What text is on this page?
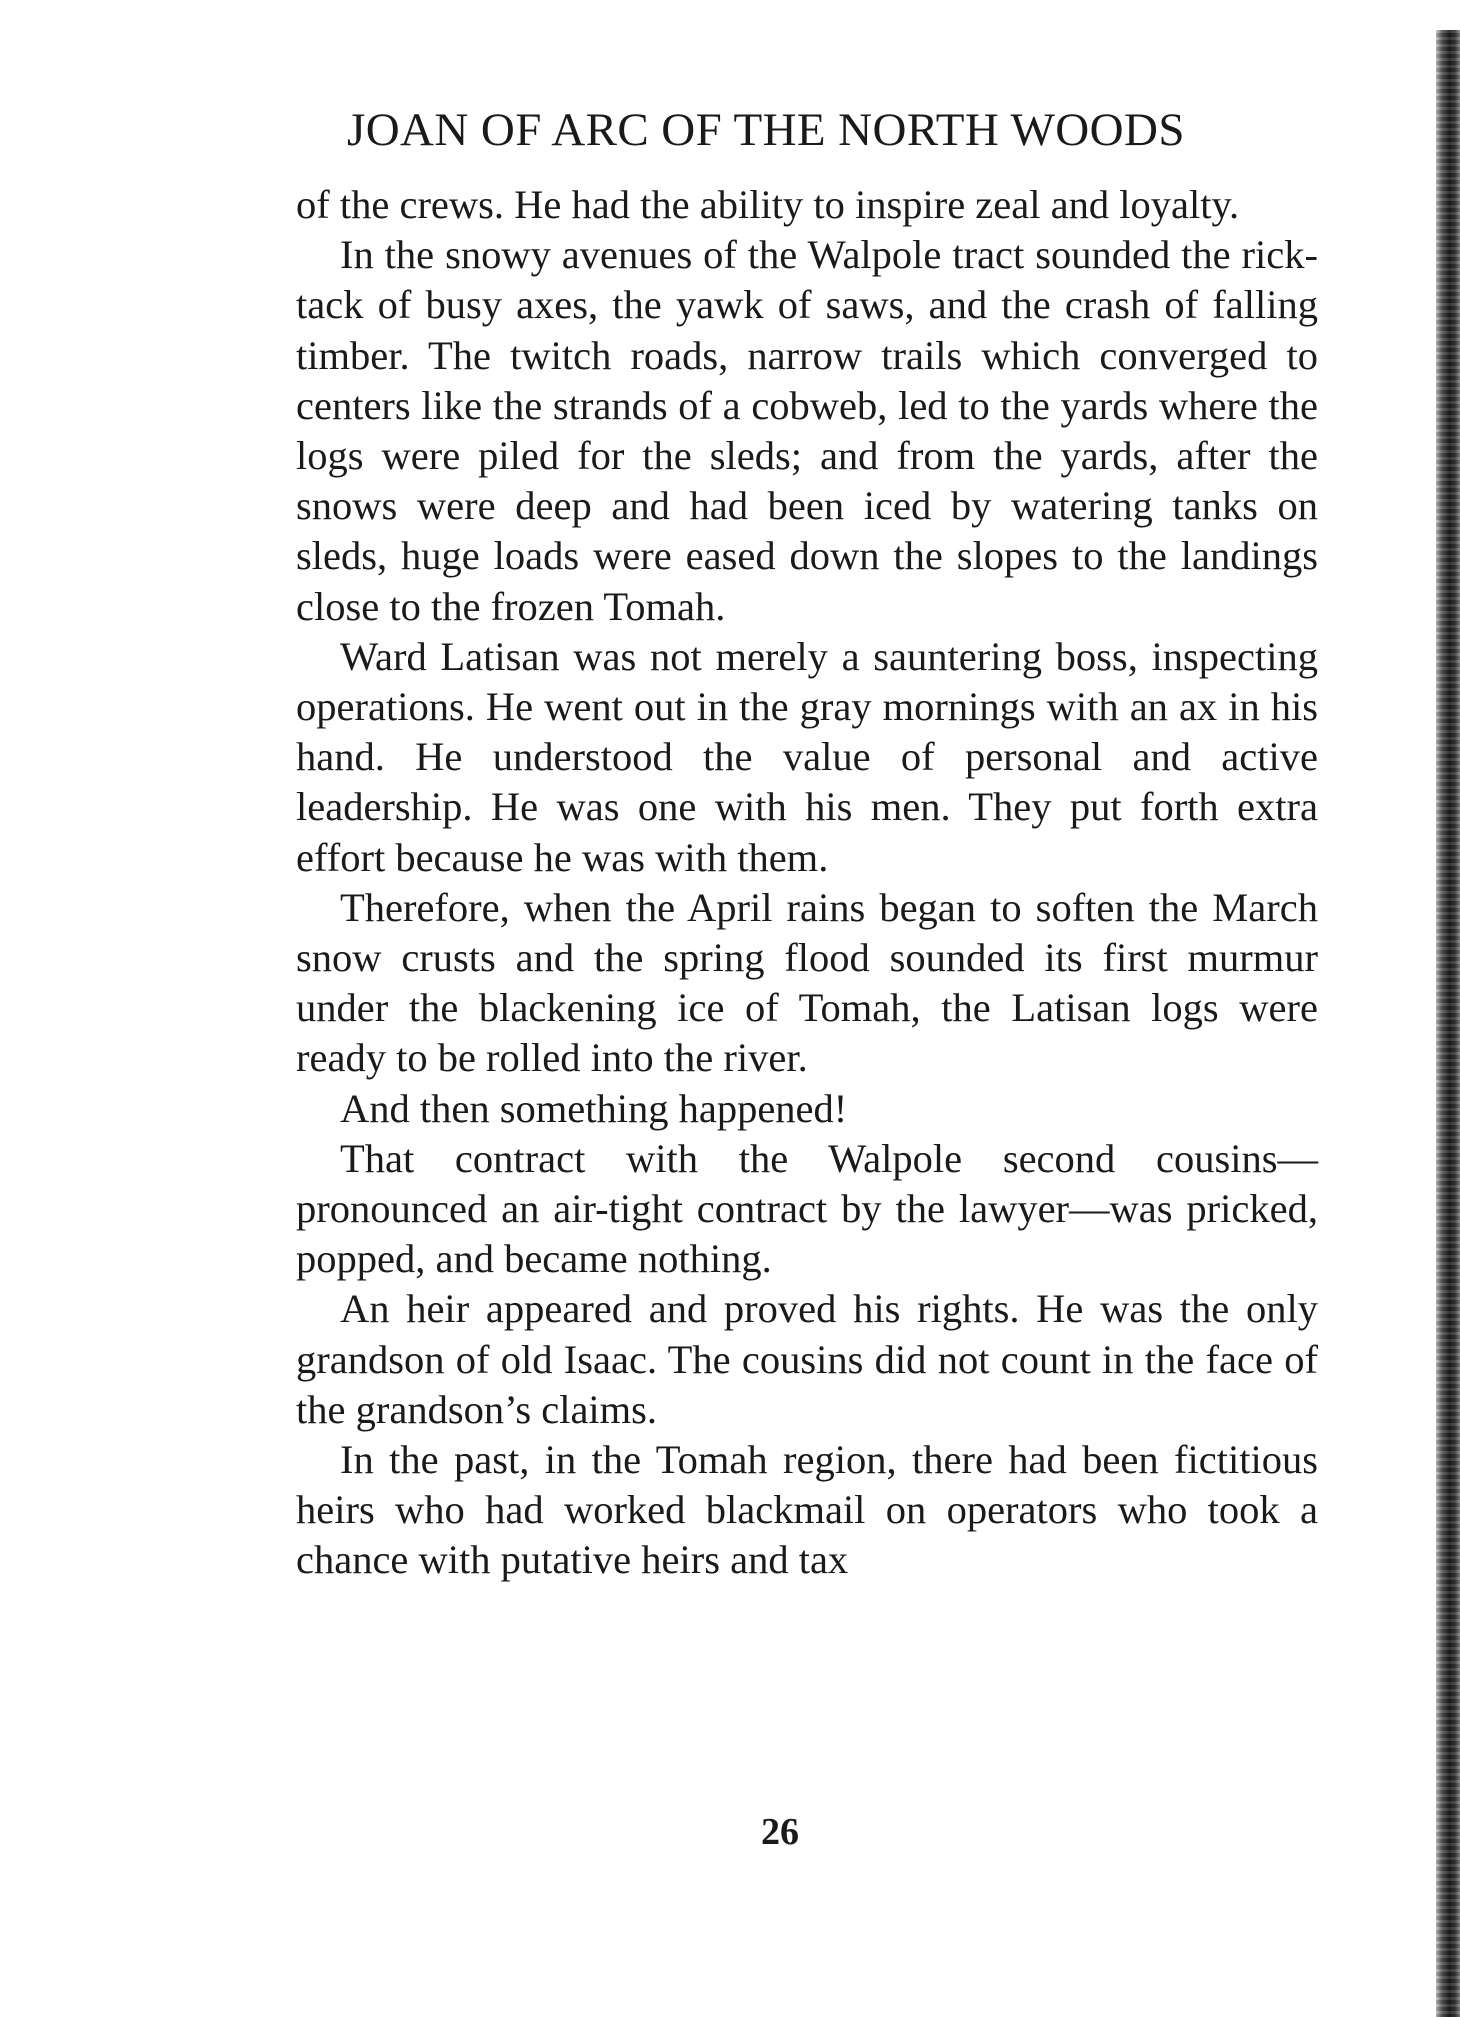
JOAN OF ARC OF THE NORTH WOODS

of the crews. He had the ability to inspire zeal and loyalty.

In the snowy avenues of the Walpole tract sounded the rick-tack of busy axes, the yawk of saws, and the crash of falling timber. The twitch roads, narrow trails which converged to centers like the strands of a cobweb, led to the yards where the logs were piled for the sleds; and from the yards, after the snows were deep and had been iced by watering tanks on sleds, huge loads were eased down the slopes to the landings close to the frozen Tomah.

Ward Latisan was not merely a sauntering boss, inspecting operations. He went out in the gray mornings with an ax in his hand. He understood the value of personal and active leadership. He was one with his men. They put forth extra effort because he was with them.

Therefore, when the April rains began to soften the March snow crusts and the spring flood sounded its first murmur under the blackening ice of Tomah, the Latisan logs were ready to be rolled into the river.

And then something happened!

That contract with the Walpole second cousins—pronounced an air-tight contract by the lawyer—was pricked, popped, and became nothing.

An heir appeared and proved his rights. He was the only grandson of old Isaac. The cousins did not count in the face of the grandson’s claims.

In the past, in the Tomah region, there had been fictitious heirs who had worked blackmail on operators who took a chance with putative heirs and tax

26
